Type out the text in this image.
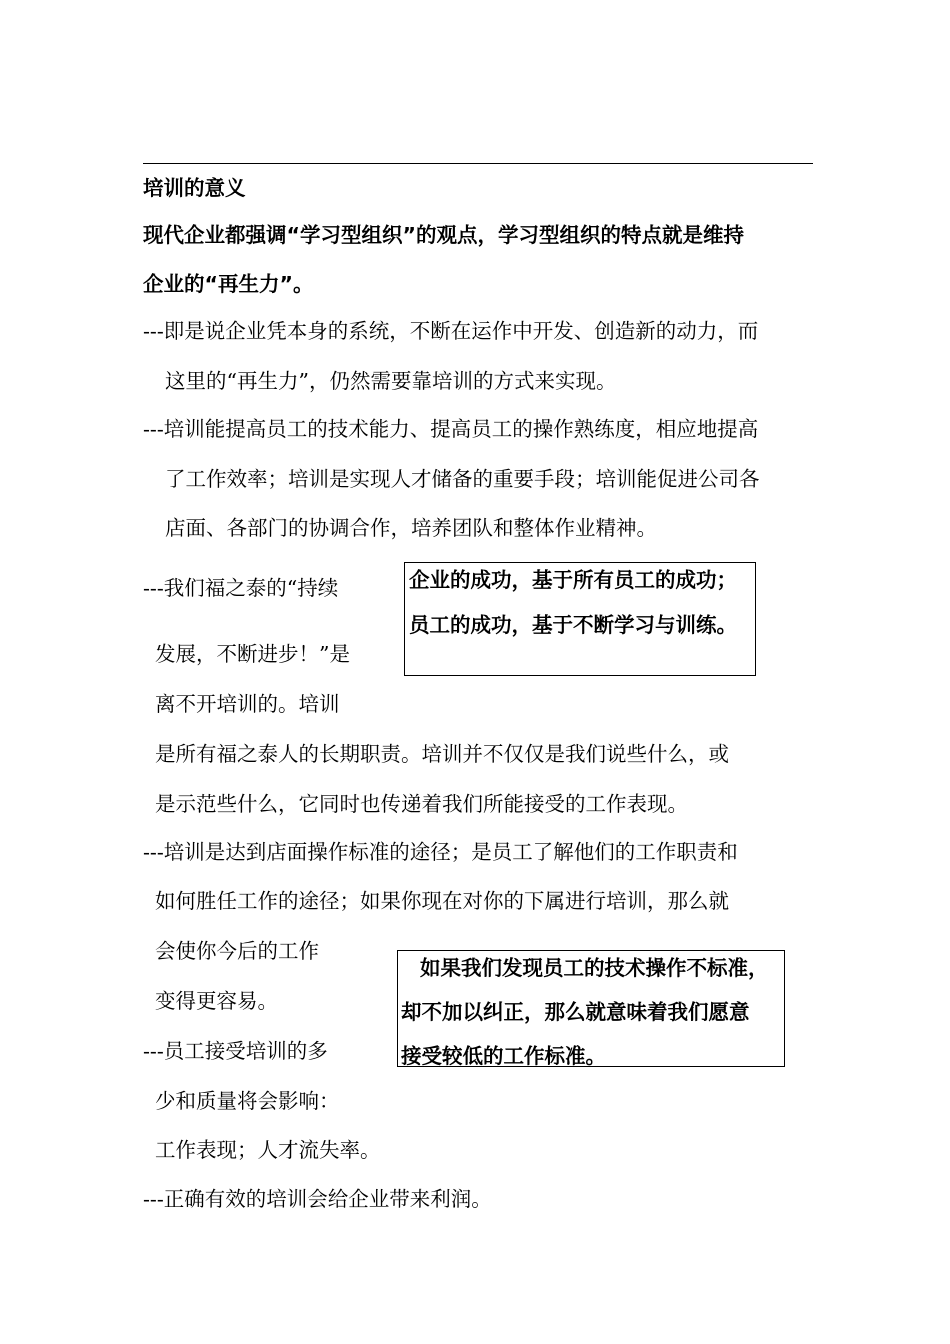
培训的意义
现代企业都强调“学习型组织”的观点，学习型组织的特点就是维持
企业的“再生力”。
---即是说企业凭本身的系统，不断在运作中开发、创造新的动力，而
这里的“再生力”，仍然需要靠培训的方式来实现。
---培训能提高员工的技术能力、提高员工的操作熟练度，相应地提高
了工作效率；培训是实现人才储备的重要手段；培训能促进公司各
店面、各部门的协调合作，培养团队和整体作业精神。
---我们福之泰的“持续
发展，不断进步！”是
离不开培训的。培训
是所有福之泰人的长期职责。培训并不仅仅是我们说些什么，或
是示范些什么，它同时也传递着我们所能接受的工作表现。
企业的成功，基于所有员工的成功；
员工的成功，基于不断学习与训练。
---培训是达到店面操作标准的途径；是员工了解他们的工作职责和
如何胜任工作的途径；如果你现在对你的下属进行培训，那么就
会使你今后的工作
变得更容易。
如果我们发现员工的技术操作不标准，
却不加以纠正，那么就意味着我们愿意
接受较低的工作标准。
---员工接受培训的多
少和质量将会影响：
工作表现；人才流失率。
---正确有效的培训会给企业带来利润。
